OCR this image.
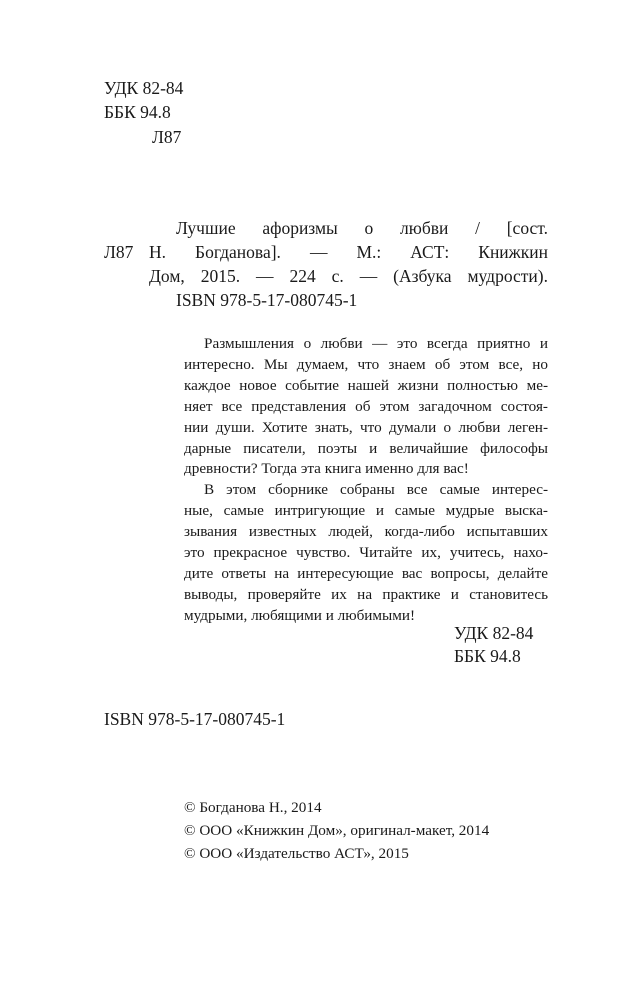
УДК 82-84
ББК 94.8
Л87
Л87
Лучшие афоризмы о любви / [сост.
Н. Богданова]. — М.: АСТ: Книжкин
Дом, 2015. — 224 с. — (Азбука мудрости).
ISBN 978-5-17-080745-1
Размышления о любви — это всегда приятно и
интересно. Мы думаем, что знаем об этом все, но
каждое новое событие нашей жизни полностью ме-
няет все представления об этом загадочном состоя-
нии души. Хотите знать, что думали о любви леген-
дарные писатели, поэты и величайшие философы
древности? Тогда эта книга именно для вас!
В этом сборнике собраны все самые интерес-
ные, самые интригующие и самые мудрые выска-
зывания известных людей, когда-либо испытавших
это прекрасное чувство. Читайте их, учитесь, нахо-
дите ответы на интересующие вас вопросы, делайте
выводы, проверяйте их на практике и становитесь
мудрыми, любящими и любимыми!
УДК 82-84
ББК 94.8
ISBN 978-5-17-080745-1
© Богданова Н., 2014
© ООО «Книжкин Дом», оригинал-макет, 2014
© ООО «Издательство АСТ», 2015
